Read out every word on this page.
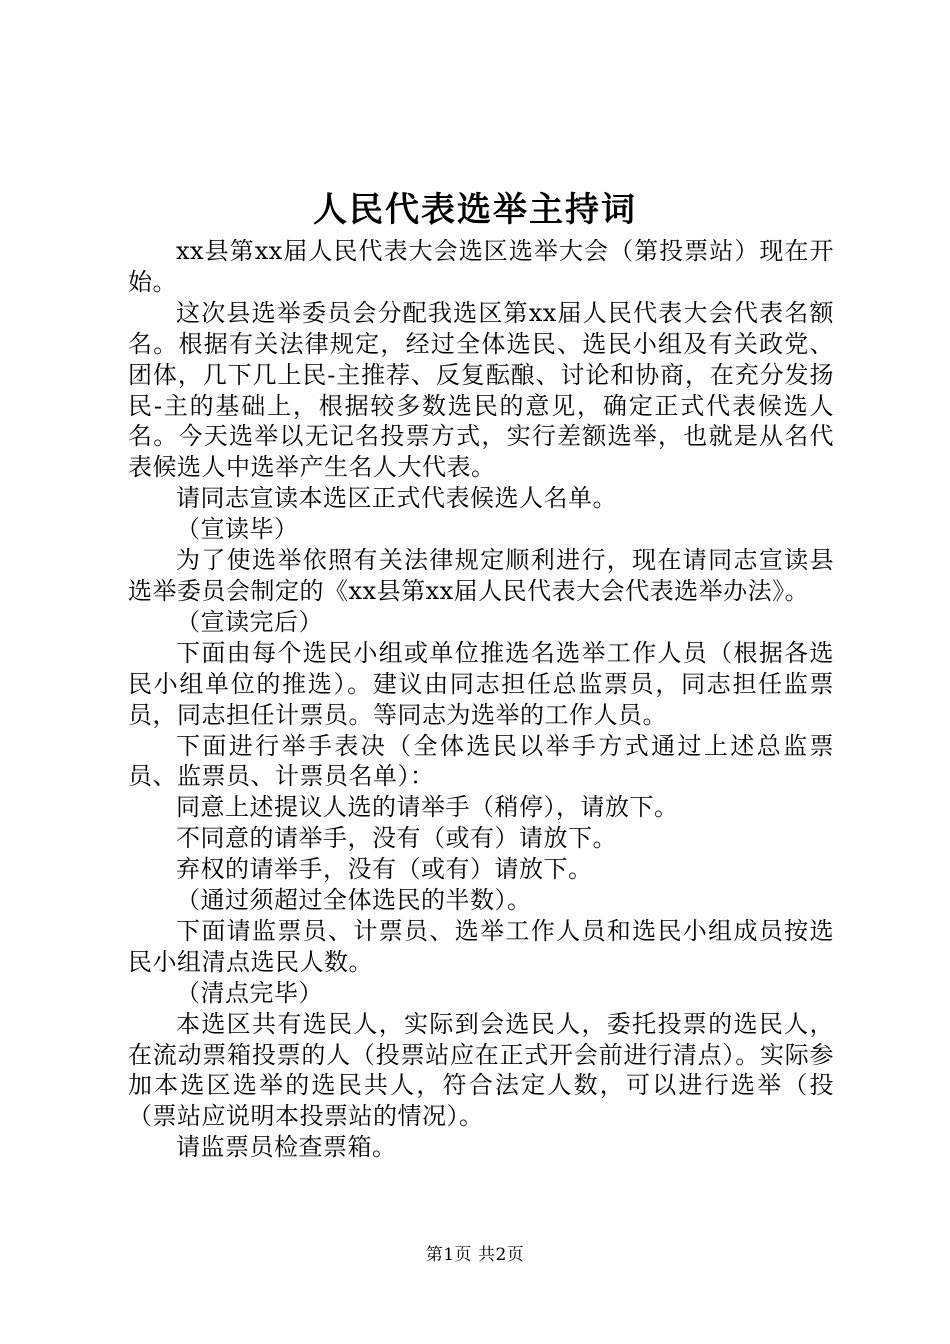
人民代表选举主持词

xx县第xx届人民代表大会选区选举大会（第投票站）现在开始。

这次县选举委员会分配我选区第xx届人民代表大会代表名额名。根据有关法律规定，经过全体选民、选民小组及有关政党、团体，几下几上民-主推荐、反复酝酿、讨论和协商，在充分发扬民-主的基础上，根据较多数选民的意见，确定正式代表候选人名。今天选举以无记名投票方式，实行差额选举，也就是从名代表候选人中选举产生名人大代表。

请同志宣读本选区正式代表候选人名单。

（宣读毕）

为了使选举依照有关法律规定顺利进行，现在请同志宣读县选举委员会制定的《xx县第xx届人民代表大会代表选举办法》。

（宣读完后）

下面由每个选民小组或单位推选名选举工作人员（根据各选民小组单位的推选）。建议由同志担任总监票员，同志担任监票员，同志担任计票员。等同志为选举的工作人员。

下面进行举手表决（全体选民以举手方式通过上述总监票员、监票员、计票员名单）：

同意上述提议人选的请举手（稍停），请放下。

不同意的请举手，没有（或有）请放下。

弃权的请举手，没有（或有）请放下。

（通过须超过全体选民的半数）。

下面请监票员、计票员、选举工作人员和选民小组成员按选民小组清点选民人数。

（清点完毕）

本选区共有选民人，实际到会选民人，委托投票的选民人，在流动票箱投票的人（投票站应在正式开会前进行清点）。实际参加本选区选举的选民共人，符合法定人数，可以进行选举（投（票站应说明本投票站的情况）。

请监票员检查票箱。

第1页 共2页
